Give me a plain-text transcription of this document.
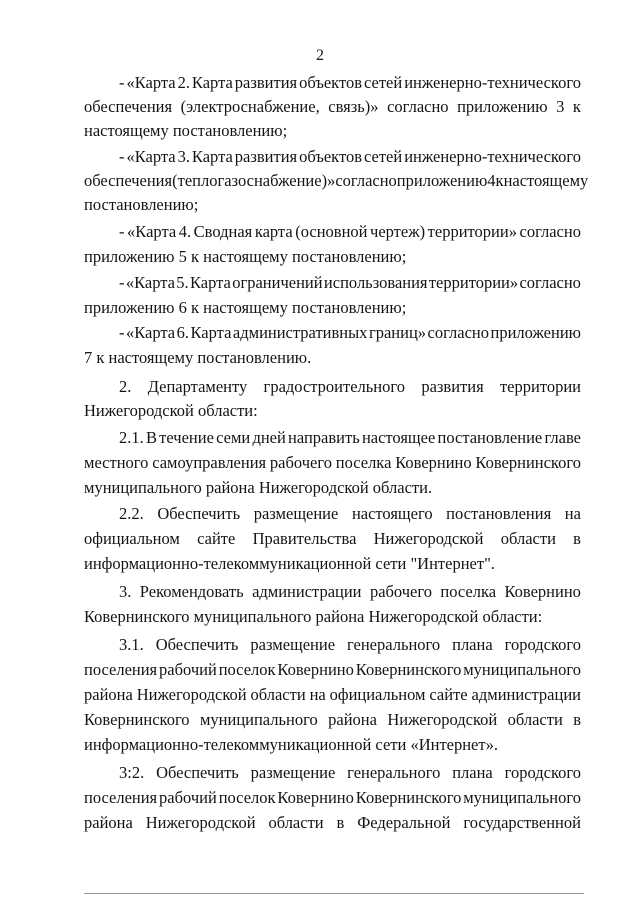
2
- «Карта 2. Карта развития объектов сетей инженерно-технического
обеспечения (электроснабжение, связь)» согласно приложению 3 к
настоящему постановлению;
- «Карта 3. Карта развития объектов сетей инженерно-технического
обеспечения (теплогазоснабжение)» согласно приложению 4 к настоящему
постановлению;
- «Карта 4. Сводная карта (основной чертеж) территории» согласно
приложению 5 к настоящему постановлению;
- «Карта 5. Карта ограничений использования территории» согласно
приложению 6 к настоящему постановлению;
- «Карта 6. Карта административных границ» согласно приложению
7 к настоящему постановлению.
2. Департаменту градостроительного развития территории
Нижегородской области:
2.1. В течение семи дней направить настоящее постановление главе
местного самоуправления рабочего поселка Ковернино Ковернинского
муниципального района Нижегородской области.
2.2. Обеспечить размещение настоящего постановления на
официальном сайте Правительства Нижегородской области в
информационно-телекоммуникационной сети "Интернет".
3. Рекомендовать администрации рабочего поселка Ковернино
Ковернинского муниципального района Нижегородской области:
3.1. Обеспечить размещение генерального плана городского
поселения рабочий поселок Ковернино Ковернинского муниципального
района Нижегородской области на официальном сайте администрации
Ковернинского муниципального района Нижегородской области в
информационно-телекоммуникационной сети «Интернет».
3:2. Обеспечить размещение генерального плана городского
поселения рабочий поселок Ковернино Ковернинского муниципального
района Нижегородской области в Федеральной государственной
